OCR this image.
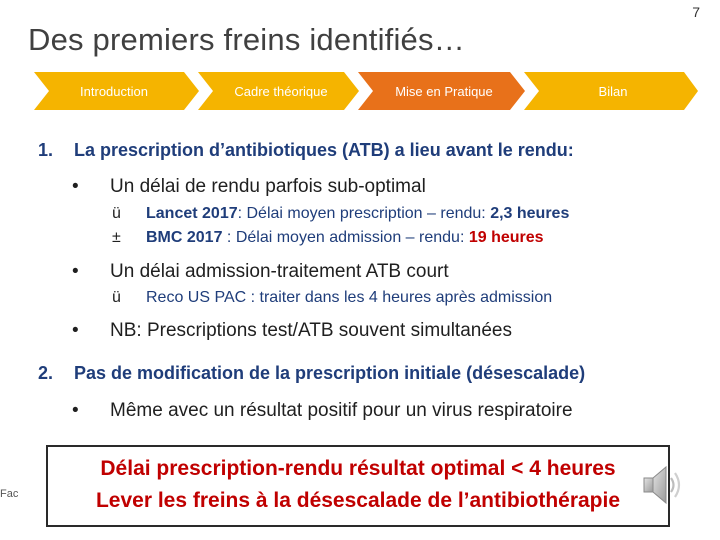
7
Des premiers freins identifiés…
Introduction	Cadre théorique	Mise en Pratique	Bilan
1. La prescription d’antibiotiques (ATB) a lieu avant le rendu:
• Un délai de rendu parfois sub-optimal
ü Lancet 2017: Délai moyen prescription – rendu: 2,3 heures
± BMC 2017 : Délai moyen admission – rendu: 19 heures
• Un délai admission-traitement ATB court
ü Reco US PAC : traiter dans les 4 heures après admission
• NB: Prescriptions test/ATB souvent simultanées
2. Pas de modification de la prescription initiale (désescalade)
• Même avec un résultat positif pour un virus respiratoire
Fac
Délai prescription-rendu résultat optimal < 4 heures
Lever les freins à la désescalade de l’antibiothérapie
